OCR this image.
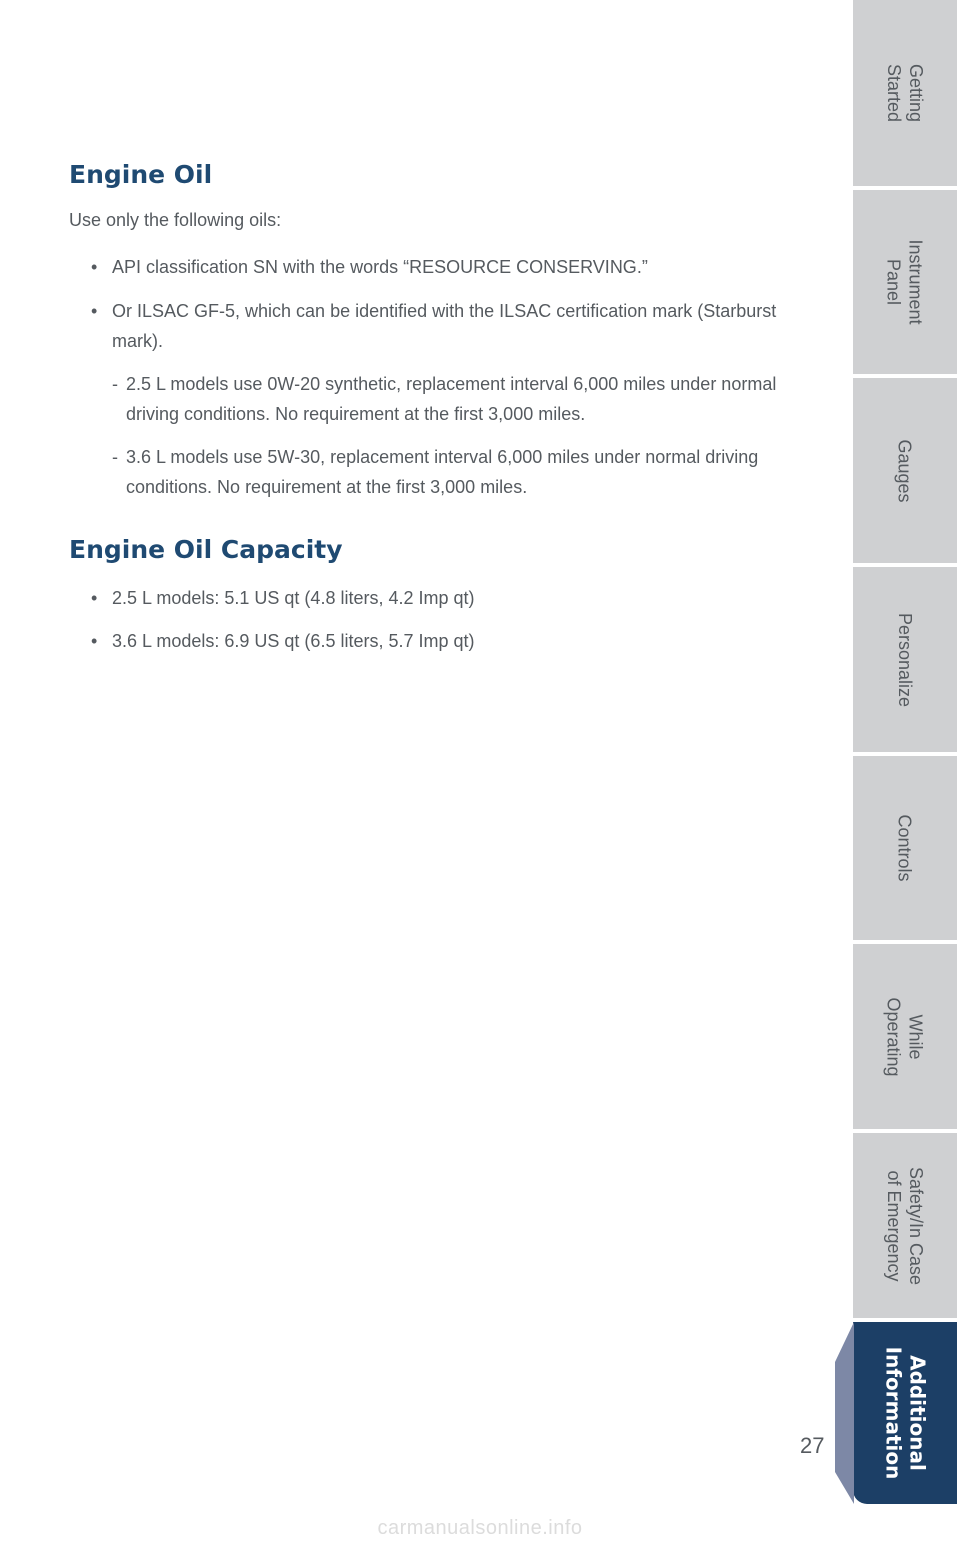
Engine Oil

Use only the following oils:

• API classification SN with the words “RESOURCE CONSERVING.”

• Or ILSAC GF-5, which can be identified with the ILSAC certification mark (Starburst mark).

- 2.5 L models use 0W-20 synthetic, replacement interval 6,000 miles under normal driving conditions. No requirement at the first 3,000 miles.

- 3.6 L models use 5W-30, replacement interval 6,000 miles under normal driving conditions. No requirement at the first 3,000 miles.

Engine Oil Capacity

• 2.5 L models: 5.1 US qt (4.8 liters, 4.2 Imp qt)

• 3.6 L models: 6.9 US qt (6.5 liters, 5.7 Imp qt)

Getting
Started
Instrument
Panel
Gauges
Personalize
Controls
While
Operating
Safety/In Case
of Emergency
Additional
Information
27
carmanualsonline.info
